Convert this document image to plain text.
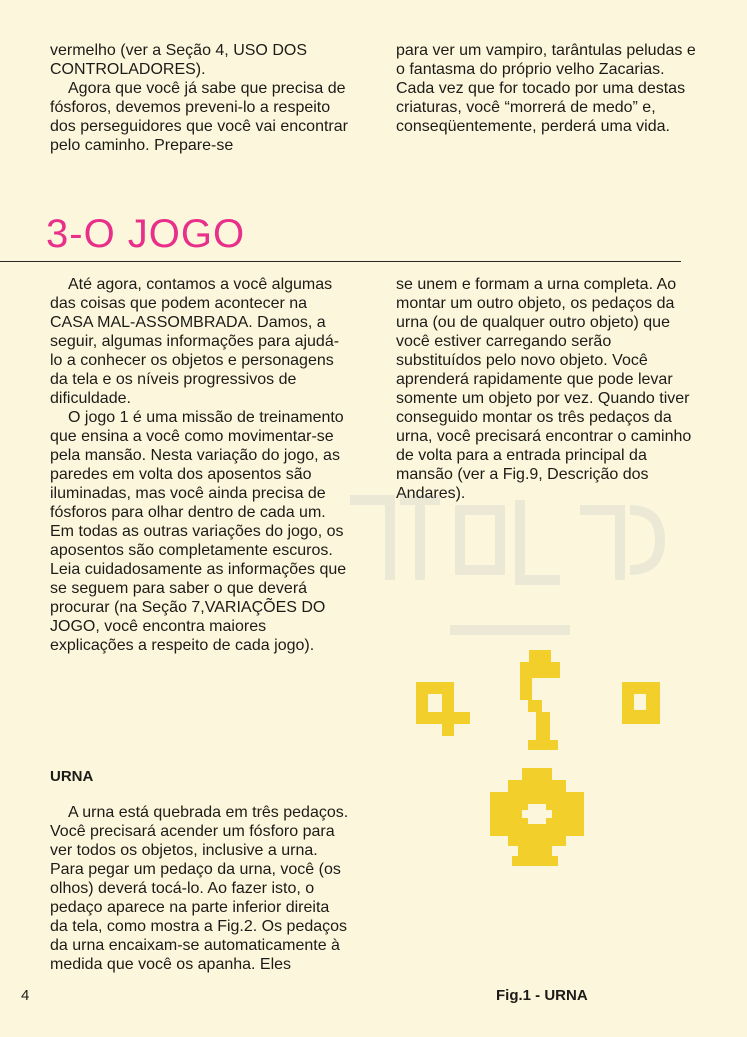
vermelho (ver a Seção 4, USO DOS CONTROLADORES).

Agora que você já sabe que precisa de fósforos, devemos preveni-lo a respeito dos perseguidores que você vai encontrar pelo caminho. Prepare-se

para ver um vampiro, tarântulas peludas e o fantasma do próprio velho Zacarias. Cada vez que for tocado por uma destas criaturas, você “morrerá de medo” e, conseqüentemente, perderá uma vida.

3-O JOGO

Até agora, contamos a você algumas das coisas que podem acontecer na CASA MAL-ASSOMBRADA. Damos, a seguir, algumas informações para ajudá-lo a conhecer os objetos e personagens da tela e os níveis progressivos de dificuldade.

O jogo 1 é uma missão de treinamento que ensina a você como movimentar-se pela mansão. Nesta variação do jogo, as paredes em volta dos aposentos são iluminadas, mas você ainda precisa de fósforos para olhar dentro de cada um. Em todas as outras variações do jogo, os aposentos são completamente escuros. Leia cuidadosamente as informações que se seguem para saber o que deverá procurar (na Seção 7,VARIAÇÕES DO JOGO, você encontra maiores explicações a respeito de cada jogo).

se unem e formam a urna completa. Ao montar um outro objeto, os pedaços da urna (ou de qualquer outro objeto) que você estiver carregando serão substituídos pelo novo objeto. Você aprenderá rapidamente que pode levar somente um objeto por vez. Quando tiver conseguido montar os três pedaços da urna, você precisará encontrar o caminho de volta para a entrada principal da mansão (ver a Fig.9, Descrição dos Andares).

URNA

A urna está quebrada em três pedaços. Você precisará acender um fósforo para ver todos os objetos, inclusive a urna. Para pegar um pedaço da urna, você (os olhos) deverá tocá-lo. Ao fazer isto, o pedaço aparece na parte inferior direita da tela, como mostra a Fig.2. Os pedaços da urna encaixam-se automaticamente à medida que você os apanha. Eles

4	Fig.1 - URNA
